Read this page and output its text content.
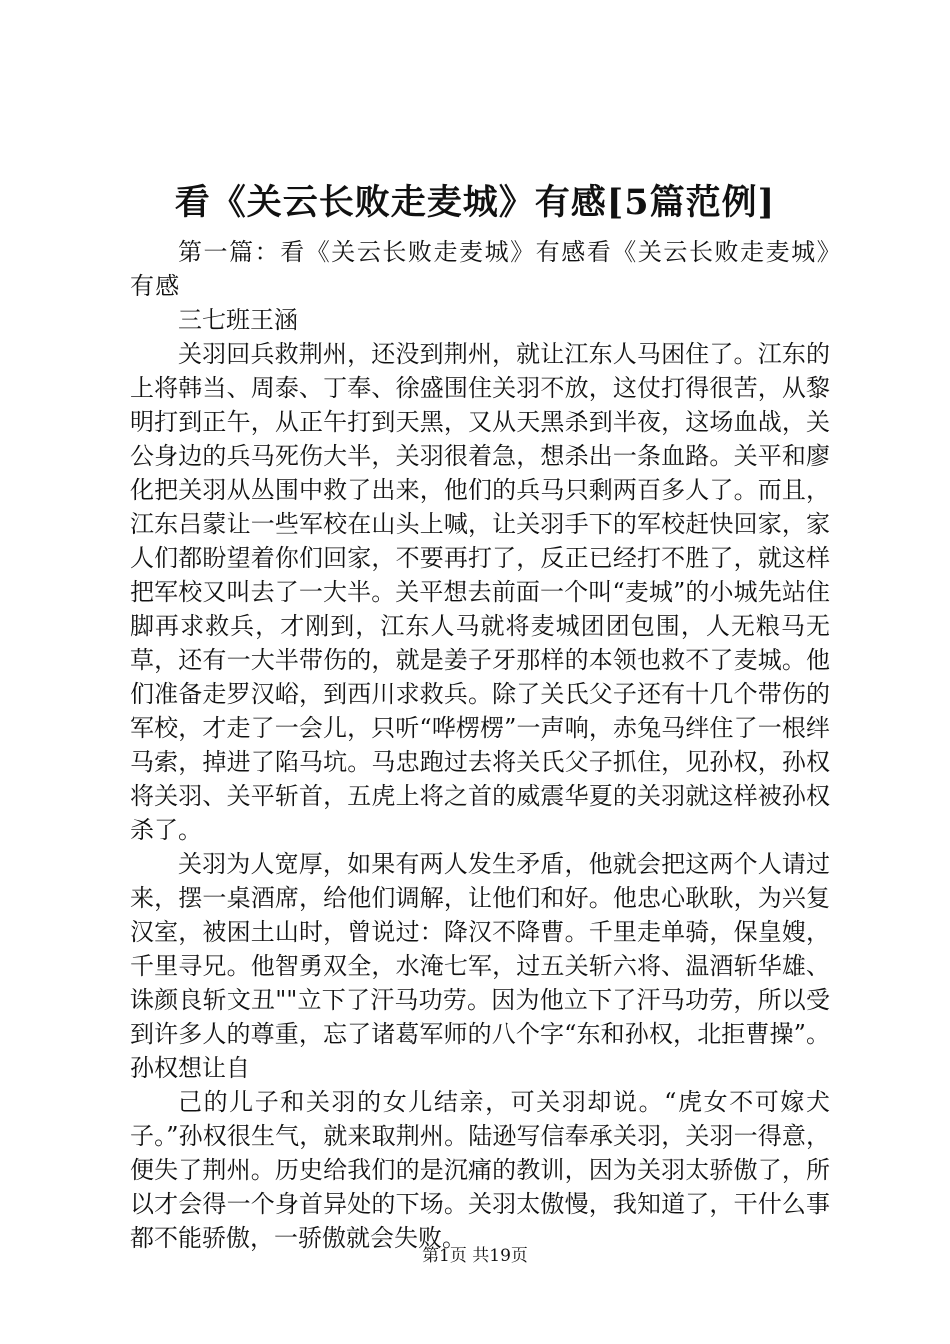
看《关云长败走麦城》有感[5篇范例]

第一篇：看《关云长败走麦城》有感看《关云长败走麦城》有感

三七班王涵

关羽回兵救荆州，还没到荆州，就让江东人马困住了。江东的上将韩当、周泰、丁奉、徐盛围住关羽不放，这仗打得很苦，从黎明打到正午，从正午打到天黑，又从天黑杀到半夜，这场血战，关公身边的兵马死伤大半，关羽很着急，想杀出一条血路。关平和廖化把关羽从丛围中救了出来，他们的兵马只剩两百多人了。而且，江东吕蒙让一些军校在山头上喊，让关羽手下的军校赶快回家，家人们都盼望着你们回家，不要再打了，反正已经打不胜了，就这样把军校又叫去了一大半。关平想去前面一个叫“麦城”的小城先站住脚再求救兵，才刚到，江东人马就将麦城团团包围，人无粮马无草，还有一大半带伤的，就是姜子牙那样的本领也救不了麦城。他们准备走罗汉峪，到西川求救兵。除了关氏父子还有十几个带伤的军校，才走了一会儿，只听“哗楞楞”一声响，赤兔马绊住了一根绊马索，掉进了陷马坑。马忠跑过去将关氏父子抓住，见孙权，孙权将关羽、关平斩首，五虎上将之首的威震华夏的关羽就这样被孙权杀了。

关羽为人宽厚，如果有两人发生矛盾，他就会把这两个人请过来，摆一桌酒席，给他们调解，让他们和好。他忠心耿耿，为兴复汉室，被困土山时，曾说过：降汉不降曹。千里走单骑，保皇嫂，千里寻兄。他智勇双全，水淹七军，过五关斩六将、温酒斩华雄、诛颜良斩文丑""立下了汗马功劳。因为他立下了汗马功劳，所以受到许多人的尊重，忘了诸葛军师的八个字“东和孙权，北拒曹操”。孙权想让自

己的儿子和关羽的女儿结亲，可关羽却说。“虎女不可嫁犬子。”孙权很生气，就来取荆州。陆逊写信奉承关羽，关羽一得意，便失了荆州。历史给我们的是沉痛的教训，因为关羽太骄傲了，所以才会得一个身首异处的下场。关羽太傲慢，我知道了，干什么事都不能骄傲，一骄傲就会失败。

第1页 共19页
